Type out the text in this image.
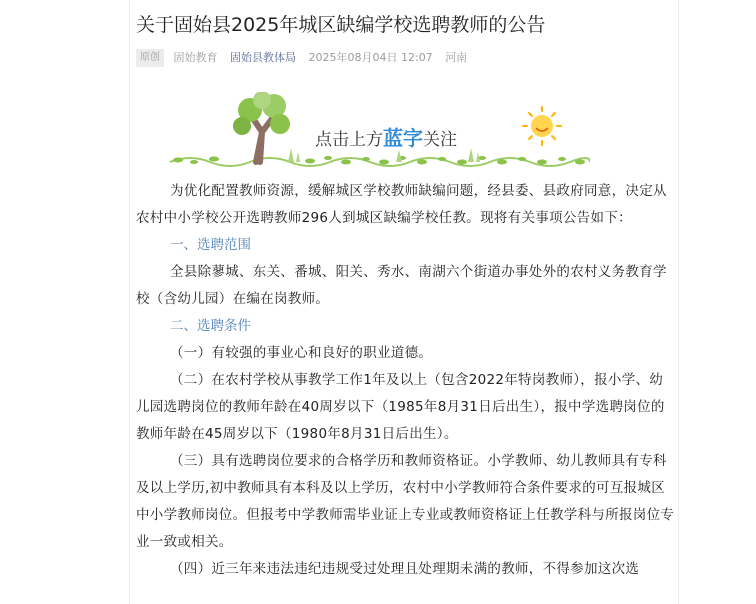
关于固始县2025年城区缺编学校选聘教师的公告
原创 固始教育 固始县教体局 2025年08月04日 12:07 河南
点击上方蓝字关注

为优化配置教师资源，缓解城区学校教师缺编问题，经县委、县政府同意，决定从农村中小学校公开选聘教师296人到城区缺编学校任教。现将有关事项公告如下：

一、选聘范围

全县除蓼城、东关、番城、阳关、秀水、南湖六个街道办事处外的农村义务教育学校（含幼儿园）在编在岗教师。

二、选聘条件

（一）有较强的事业心和良好的职业道德。

（二）在农村学校从事教学工作1年及以上（包含2022年特岗教师），报小学、幼儿园选聘岗位的教师年龄在40周岁以下（1985年8月31日后出生），报中学选聘岗位的教师年龄在45周岁以下（1980年8月31日后出生）。

（三）具有选聘岗位要求的合格学历和教师资格证。小学教师、幼儿教师具有专科及以上学历,初中教师具有本科及以上学历，农村中小学教师符合条件要求的可互报城区中小学教师岗位。但报考中学教师需毕业证上专业或教师资格证上任教学科与所报岗位专业一致或相关。

（四）近三年来违法违纪违规受过处理且处理期未满的教师，不得参加这次选
